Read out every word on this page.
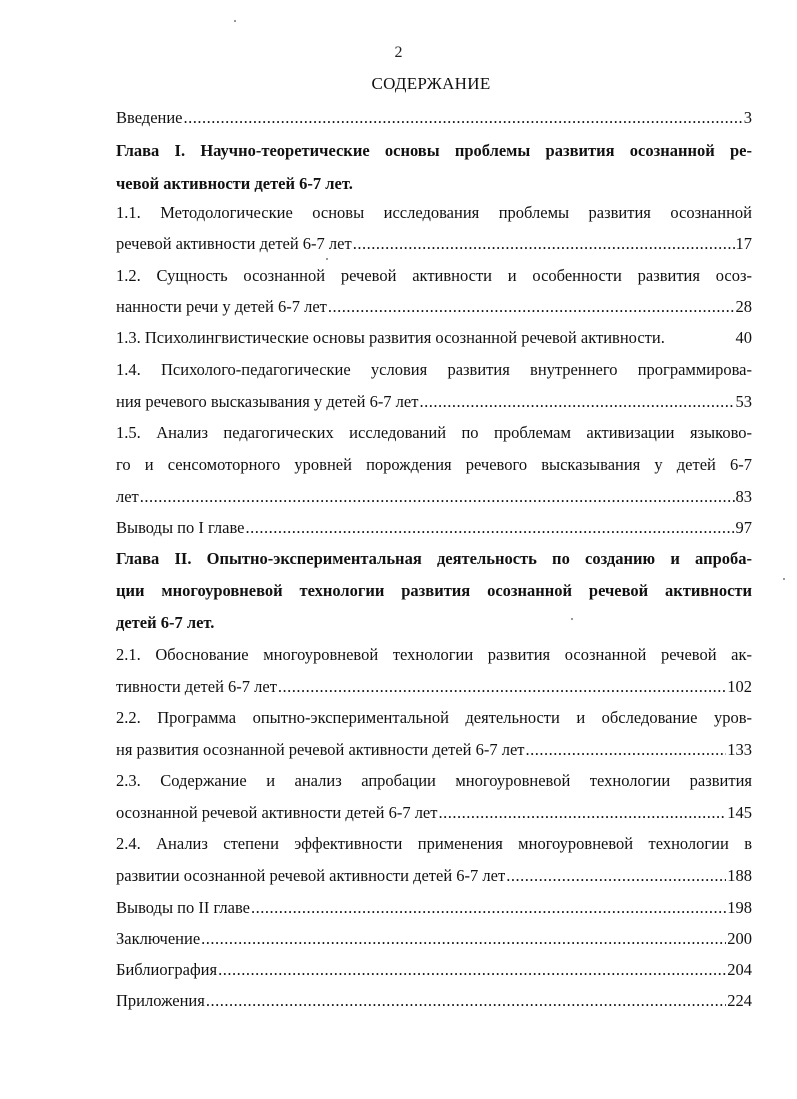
2
СОДЕРЖАНИЕ
Введение .....	3
Глава I. Научно-теоретические основы проблемы развития осознанной ре-
чевой активности детей 6-7 лет.
1.1. Методологические основы исследования проблемы развития осознанной
речевой активности детей 6-7 лет .....	17
1.2. Сущность осознанной речевой активности и особенности развития осоз-
нанности речи у детей 6-7 лет .....	28
1.3. Психолингвистические основы развития осознанной речевой активности .	40
1.4. Психолого-педагогические условия развития внутреннего программирова-
ния речевого высказывания у детей 6-7 лет .....	53
1.5. Анализ педагогических исследований по проблемам активизации языково-
го и сенсомоторного уровней порождения речевого высказывания у детей 6-7
лет .....	83
Выводы по I главе .....	97
Глава II. Опытно-экспериментальная деятельность по созданию и апроба-
ции многоуровневой технологии развития осознанной речевой активности
детей 6-7 лет.
2.1. Обоснование многоуровневой технологии развития осознанной речевой ак-
тивности детей 6-7 лет .....	102
2.2. Программа опытно-экспериментальной деятельности и обследование уров-
ня развития осознанной речевой активности детей 6-7 лет .....	133
2.3. Содержание и анализ апробации многоуровневой технологии развития
осознанной речевой активности детей 6-7 лет .....	145
2.4. Анализ степени эффективности применения многоуровневой технологии в
развитии осознанной речевой активности детей 6-7 лет .....	188
Выводы по II главе .....	198
Заключение .....	200
Библиография .....	204
Приложения .....	224
